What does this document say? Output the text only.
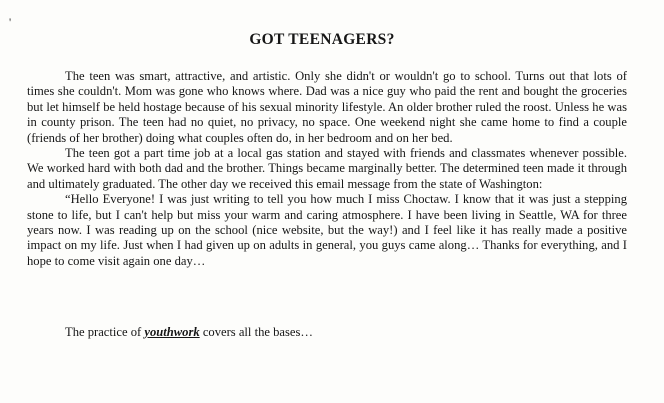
'
GOT TEENAGERS?

The teen was smart, attractive, and artistic. Only she didn't or wouldn't go to school. Turns out that lots of times she couldn't. Mom was gone who knows where. Dad was a nice guy who paid the rent and bought the groceries but let himself be held hostage because of his sexual minority lifestyle. An older brother ruled the roost. Unless he was in county prison. The teen had no quiet, no privacy, no space. One weekend night she came home to find a couple (friends of her brother) doing what couples often do, in her bedroom and on her bed.

The teen got a part time job at a local gas station and stayed with friends and classmates whenever possible. We worked hard with both dad and the brother. Things became marginally better. The determined teen made it through and ultimately graduated. The other day we received this email message from the state of Washington:

“Hello Everyone! I was just writing to tell you how much I miss Choctaw. I know that it was just a stepping stone to life, but I can't help but miss your warm and caring atmosphere. I have been living in Seattle, WA for three years now. I was reading up on the school (nice website, but the way!) and I feel like it has really made a positive impact on my life. Just when I had given up on adults in general, you guys came along… Thanks for everything, and I hope to come visit again one day…

The practice of youthwork covers all the bases…
